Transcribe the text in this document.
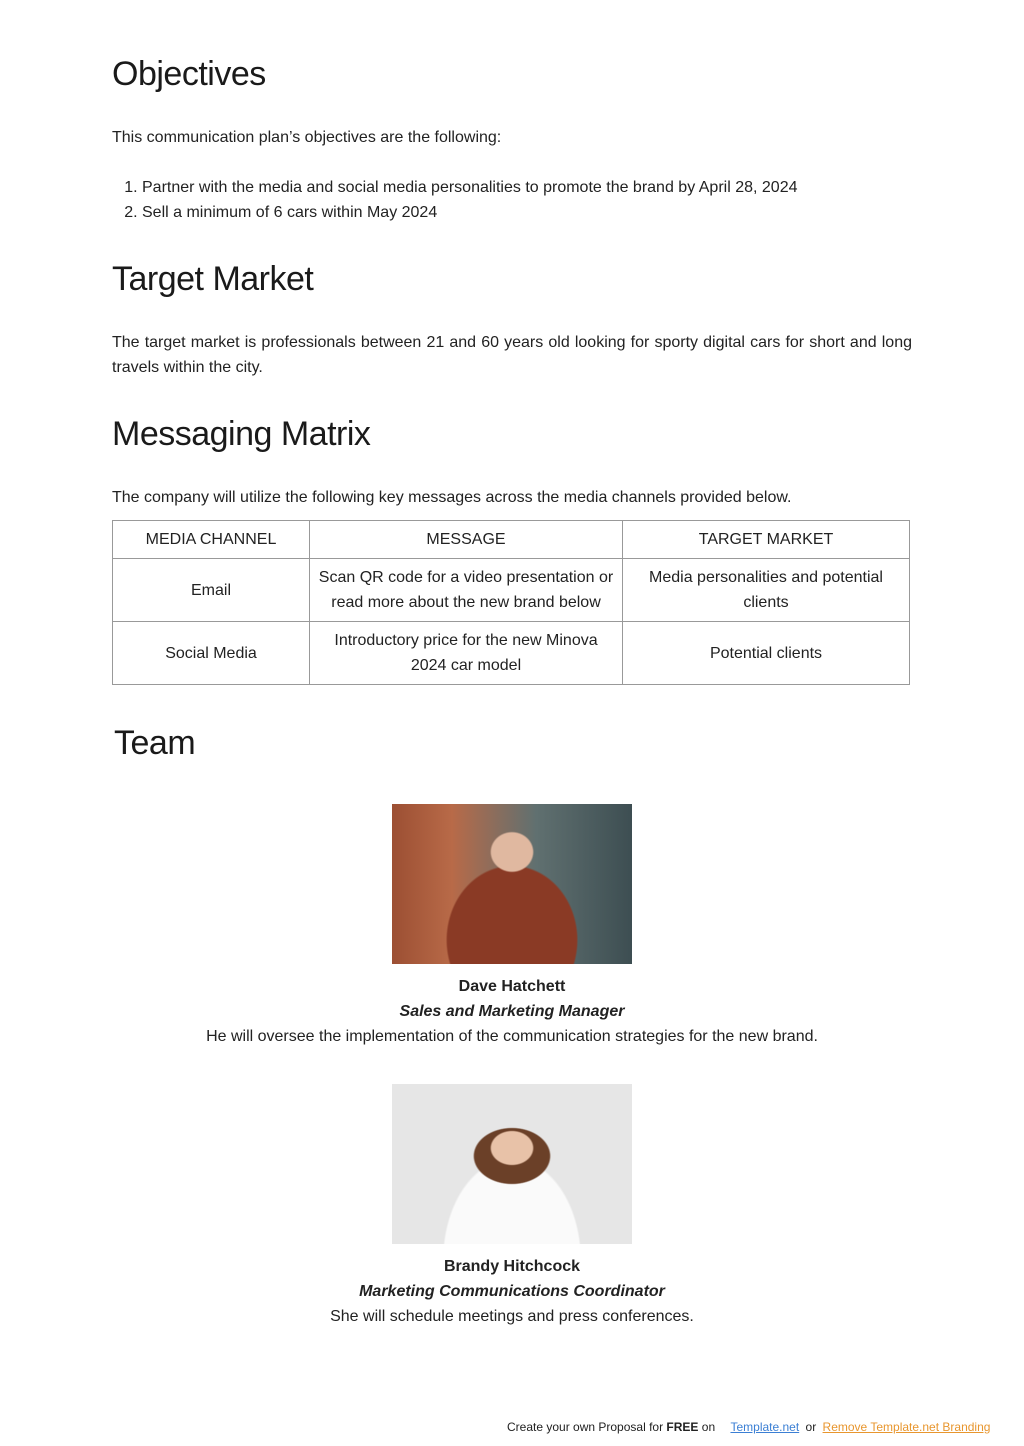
Objectives

This communication plan’s objectives are the following:

1. Partner with the media and social media personalities to promote the brand by April 28, 2024
2. Sell a minimum of 6 cars within May 2024
Target Market

The target market is professionals between 21 and 60 years old looking for sporty digital cars for short and long travels within the city.

Messaging Matrix

The company will utilize the following key messages across the media channels provided below.

MEDIA CHANNEL	MESSAGE	TARGET MARKET
Email	Scan QR code for a video presentation or read more about the new brand below	Media personalities and potential clients
Social Media	Introductory price for the new Minova 2024 car model	Potential clients
Team
Dave Hatchett
Sales and Marketing Manager
He will oversee the implementation of the communication strategies for the new brand.
Brandy Hitchcock
Marketing Communications Coordinator
She will schedule meetings and press conferences.
Create your own Proposal for FREE on Template.net or Remove Template.net Branding
